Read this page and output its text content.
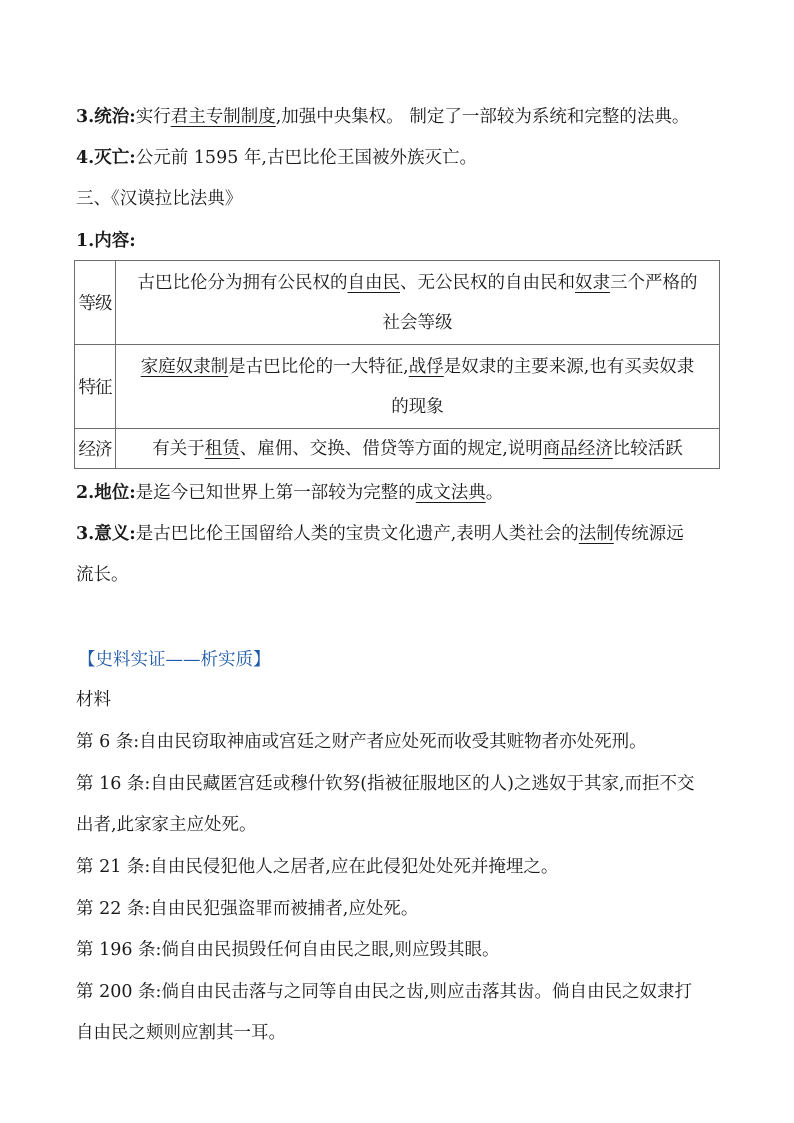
3.统治:实行君主专制制度,加强中央集权。 制定了一部较为系统和完整的法典。
4.灭亡:公元前 1595 年,古巴比伦王国被外族灭亡。
三、《汉谟拉比法典》
1.内容:
等级	古巴比伦分为拥有公民权的自由民、无公民权的自由民和奴隶三个严格的
社会等级
特征	家庭奴隶制是古巴比伦的一大特征,战俘是奴隶的主要来源,也有买卖奴隶
的现象
经济	有关于租赁、雇佣、交换、借贷等方面的规定,说明商品经济比较活跃
2.地位:是迄今已知世界上第一部较为完整的成文法典。
3.意义:是古巴比伦王国留给人类的宝贵文化遗产,表明人类社会的法制传统源远
流长。
【史料实证——析实质】
材料
第 6 条:自由民窃取神庙或宫廷之财产者应处死而收受其赃物者亦处死刑。
第 16 条:自由民藏匿宫廷或穆什钦努(指被征服地区的人)之逃奴于其家,而拒不交
出者,此家家主应处死。
第 21 条:自由民侵犯他人之居者,应在此侵犯处处死并掩埋之。
第 22 条:自由民犯强盗罪而被捕者,应处死。
第 196 条:倘自由民损毁任何自由民之眼,则应毁其眼。
第 200 条:倘自由民击落与之同等自由民之齿,则应击落其齿。倘自由民之奴隶打
自由民之颊则应割其一耳。
